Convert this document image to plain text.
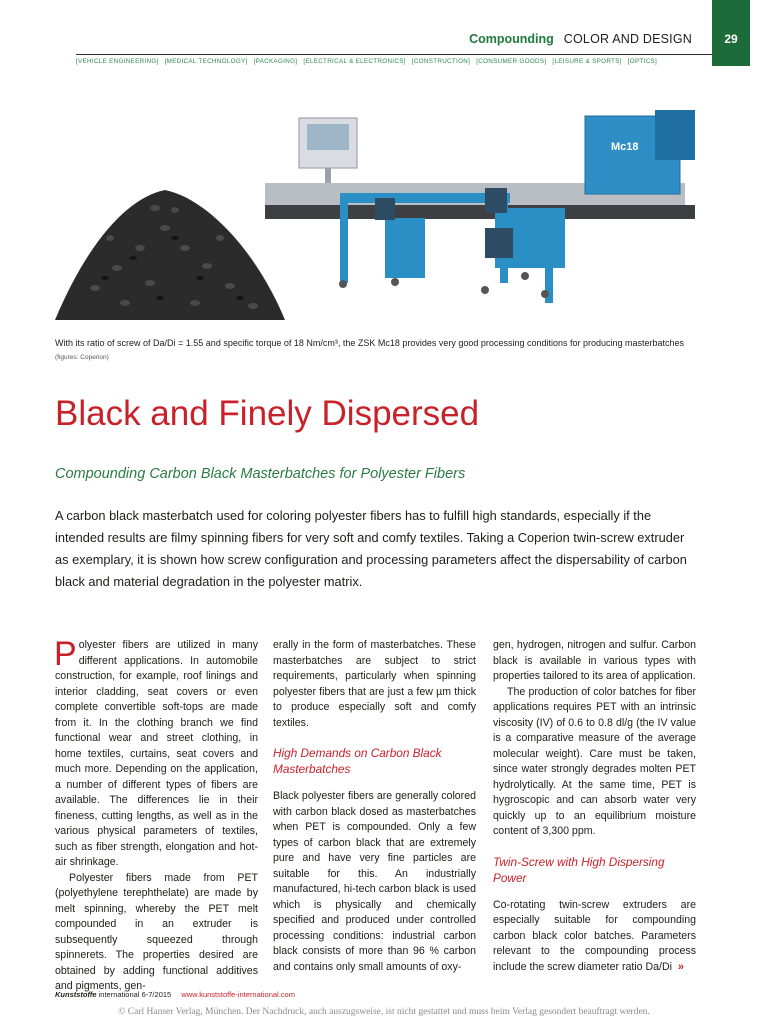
Compounding COLOR AND DESIGN	29
[VEHICLE ENGINEERING] [MEDICAL TECHNOLOGY] [PACKAGING] [ELECTRICAL & ELECTRONICS] [CONSTRUCTION] [CONSUMER GOODS] [LEISURE & SPORTS] [OPTICS]
Mc18
With its ratio of screw of Da/Di = 1.55 and specific torque of 18 Nm/cm³, the ZSK Mc18 provides very good processing conditions for producing masterbatches (figures: Coperion)
Black and Finely Dispersed
Compounding Carbon Black Masterbatches for Polyester Fibers
A carbon black masterbatch used for coloring polyester fibers has to fulfill high standards, especially if the intended results are filmy spinning fibers for very soft and comfy textiles. Taking a Coperion twin-screw extruder as exemplary, it is shown how screw configuration and processing parameters affect the dispersability of carbon black and material degradation in the polyester matrix.

Polyester fibers are utilized in many different applications. In automobile construction, for example, roof linings and interior cladding, seat covers or even complete convertible soft-tops are made from it. In the clothing branch we find functional wear and street clothing, in home textiles, curtains, seat covers and much more. Depending on the application, a number of different types of fibers are available. The differences lie in their fineness, cutting lengths, as well as in the various physical parameters of textiles, such as fiber strength, elongation and hot-air shrinkage.

Polyester fibers made from PET (polyethylene terephthelate) are made by melt spinning, whereby the PET melt compounded in an extruder is subsequently squeezed through spinnerets. The properties desired are obtained by adding functional additives and pigments, gen-

erally in the form of masterbatches. These masterbatches are subject to strict requirements, particularly when spinning polyester fibers that are just a few µm thick to produce especially soft and comfy textiles.

High Demands on Carbon Black Masterbatches

Black polyester fibers are generally colored with carbon black dosed as masterbatches when PET is compounded. Only a few types of carbon black that are extremely pure and have very fine particles are suitable for this. An industrially manufactured, hi-tech carbon black is used which is physically and chemically specified and produced under controlled processing conditions: industrial carbon black consists of more than 96 % carbon and contains only small amounts of oxy-

gen, hydrogen, nitrogen and sulfur. Carbon black is available in various types with properties tailored to its area of application.

The production of color batches for fiber applications requires PET with an intrinsic viscosity (IV) of 0.6 to 0.8 dl/g (the IV value is a comparative measure of the average molecular weight). Care must be taken, since water strongly degrades molten PET hydrolytically. At the same time, PET is hygroscopic and can absorb water very quickly up to an equilibrium moisture content of 3,300 ppm.

Twin-Screw with High Dispersing Power

Co-rotating twin-screw extruders are especially suitable for compounding carbon black color batches. Parameters relevant to the compounding process include the screw diameter ratio Da/Di »

Kunststoffe international 6-7/2015 www.kunststoffe-international.com
© Carl Hanser Verlag, München. Der Nachdruck, auch auszugsweise, ist nicht gestattet und muss beim Verlag gesondert beauftragt werden.
